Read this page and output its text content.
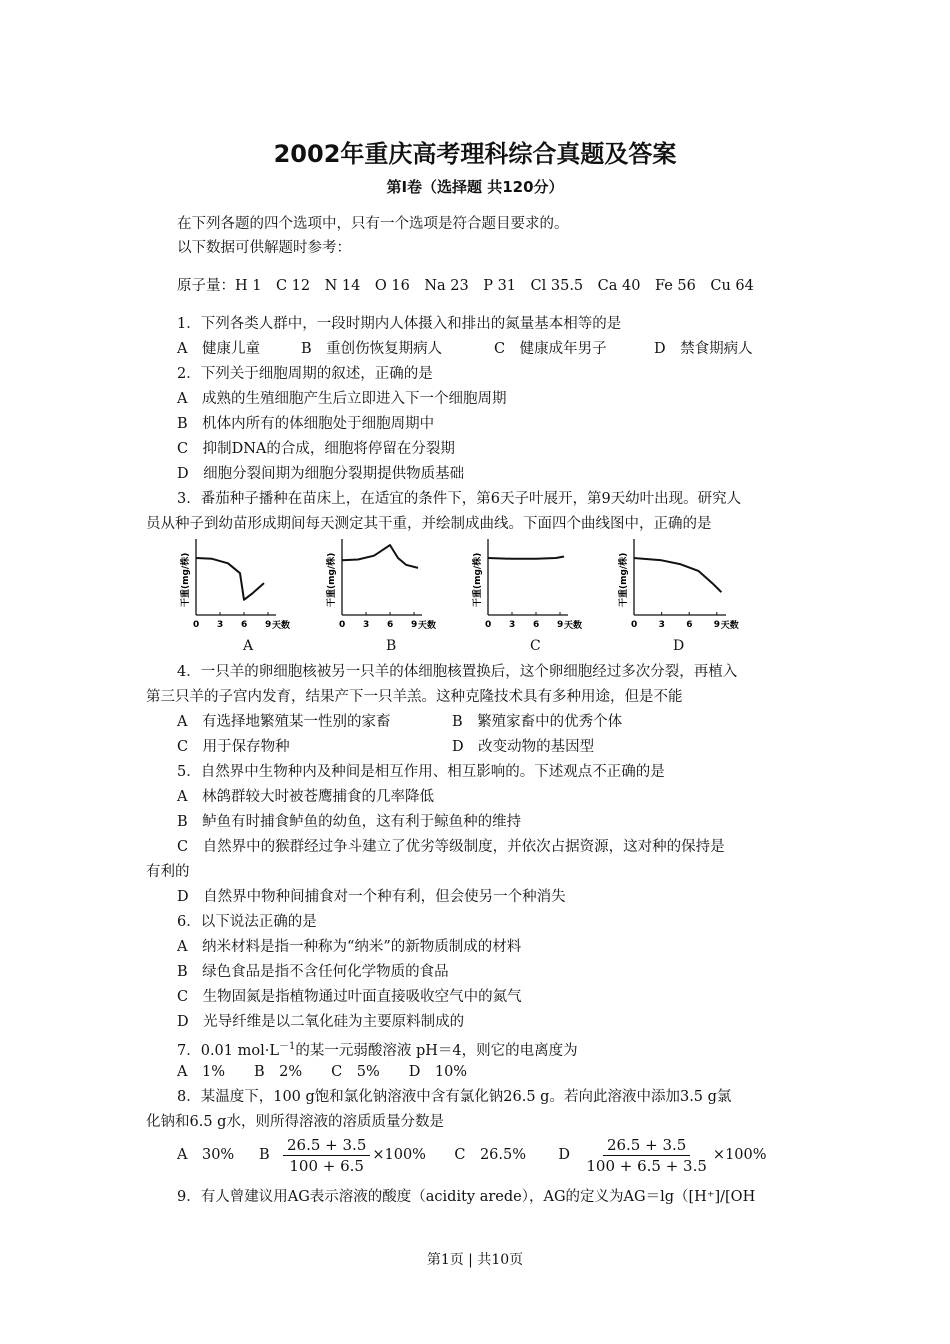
2002年重庆高考理科综合真题及答案
第Ⅰ卷（选择题 共120分）
在下列各题的四个选项中，只有一个选项是符合题目要求的。
以下数据可供解题时参考：
原子量：H 1　C 12　N 14　O 16　Na 23　P 31　Cl 35.5　Ca 40　Fe 56　Cu 64
1．下列各类人群中，一段时期内人体摄入和排出的氮量基本相等的是
A　健康儿童	B　重创伤恢复期病人	C　健康成年男子	D　禁食期病人
2．下列关于细胞周期的叙述，正确的是
A　成熟的生殖细胞产生后立即进入下一个细胞周期
B　机体内所有的体细胞处于细胞周期中
C　抑制DNA的合成，细胞将停留在分裂期
D　细胞分裂间期为细胞分裂期提供物质基础
3．番茄种子播种在苗床上，在适宜的条件下，第6天子叶展开，第9天幼叶出现。研究人
员从种子到幼苗形成期间每天测定其干重，并绘制成曲线。下面四个曲线图中，正确的是
干重(mg/株)
0 3 6 9 天数
干重(mg/株)
0 3 6 9 天数
干重(mg/株)
0 3 6 9 天数
干重(mg/株)
0 3 6 9 天数
A	B	C	D
4．一只羊的卵细胞核被另一只羊的体细胞核置换后，这个卵细胞经过多次分裂，再植入
第三只羊的子宫内发育，结果产下一只羊羔。这种克隆技术具有多种用途，但是不能
A　有选择地繁殖某一性别的家畜	B　繁殖家畜中的优秀个体
C　用于保存物种	D　改变动物的基因型
5．自然界中生物种内及种间是相互作用、相互影响的。下述观点不正确的是
A　林鸽群较大时被苍鹰捕食的几率降低
B　鲈鱼有时捕食鲈鱼的幼鱼，这有利于鲸鱼种的维持
C　自然界中的猴群经过争斗建立了优劣等级制度，并依次占据资源，这对种的保持是
有利的
D　自然界中物种间捕食对一个种有利，但会使另一个种消失
6．以下说法正确的是
A　纳米材料是指一种称为“纳米”的新物质制成的材料
B　绿色食品是指不含任何化学物质的食品
C　生物固氮是指植物通过叶面直接吸收空气中的氮气
D　光导纤维是以二氧化硅为主要原料制成的
7．0.01 $mol\cdot L^{-1}$的某一元弱酸溶液 pH＝4，则它的电离度为
A　1%　　B　2%　　C　5%　　D　10%
8．某温度下，100 g饱和氯化钠溶液中含有氯化钠26.5 g。若向此溶液中添加3.5 g氯
化钠和6.5 g水，则所得溶液的溶质质量分数是
A　30%	B $\frac{26.5 + 3.5}{100 + 6.5} \times 100\%$	C　26.5%	D $\frac{26.5 + 3.5}{100 + 6.5 + 3.5} \times 100\%$
9．有人曾建议用AG表示溶液的酸度（acidity arede），AG的定义为AG＝lg（[H⁺]/[OH
第1页 | 共10页
